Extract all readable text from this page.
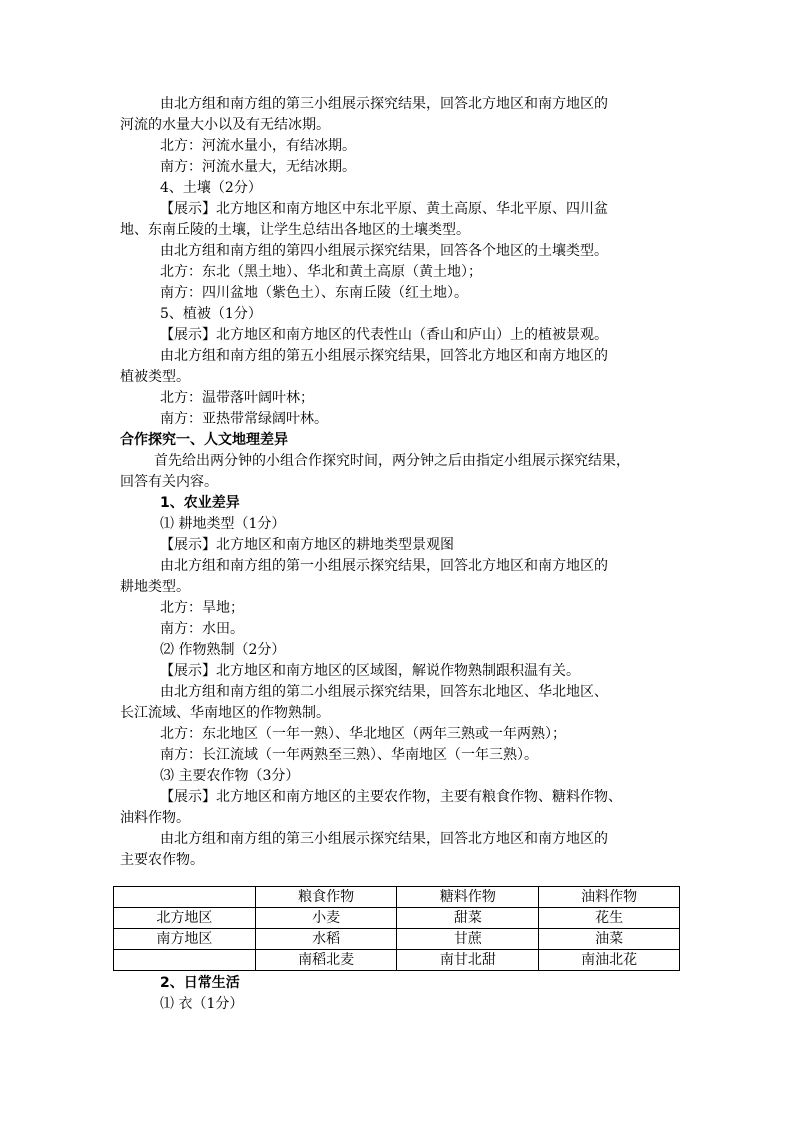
由北方组和南方组的第三小组展示探究结果，回答北方地区和南方地区的
河流的水量大小以及有无结冰期。
北方：河流水量小，有结冰期。
南方：河流水量大，无结冰期。
4、土壤（2分）
【展示】北方地区和南方地区中东北平原、黄土高原、华北平原、四川盆
地、东南丘陵的土壤，让学生总结出各地区的土壤类型。
由北方组和南方组的第四小组展示探究结果，回答各个地区的土壤类型。
北方：东北（黑土地）、华北和黄土高原（黄土地）；
南方：四川盆地（紫色土）、东南丘陵（红土地）。
5、植被（1分）
【展示】北方地区和南方地区的代表性山（香山和庐山）上的植被景观。
由北方组和南方组的第五小组展示探究结果，回答北方地区和南方地区的
植被类型。
北方：温带落叶阔叶林；
南方：亚热带常绿阔叶林。
合作探究一、人文地理差异
首先给出两分钟的小组合作探究时间，两分钟之后由指定小组展示探究结果，
回答有关内容。
1、农业差异
⑴ 耕地类型（1分）
【展示】北方地区和南方地区的耕地类型景观图
由北方组和南方组的第一小组展示探究结果，回答北方地区和南方地区的
耕地类型。
北方：旱地；
南方：水田。
⑵ 作物熟制（2分）
【展示】北方地区和南方地区的区域图，解说作物熟制跟积温有关。
由北方组和南方组的第二小组展示探究结果，回答东北地区、华北地区、
长江流域、华南地区的作物熟制。
北方：东北地区（一年一熟）、华北地区（两年三熟或一年两熟）；
南方：长江流域（一年两熟至三熟）、华南地区（一年三熟）。
⑶ 主要农作物（3分）
【展示】北方地区和南方地区的主要农作物，主要有粮食作物、糖料作物、
油料作物。
由北方组和南方组的第三小组展示探究结果，回答北方地区和南方地区的
主要农作物。
	粮食作物	糖料作物	油料作物
北方地区	小麦	甜菜	花生
南方地区	水稻	甘蔗	油菜
	南稻北麦	南甘北甜	南油北花
2、日常生活
⑴ 衣（1分）
